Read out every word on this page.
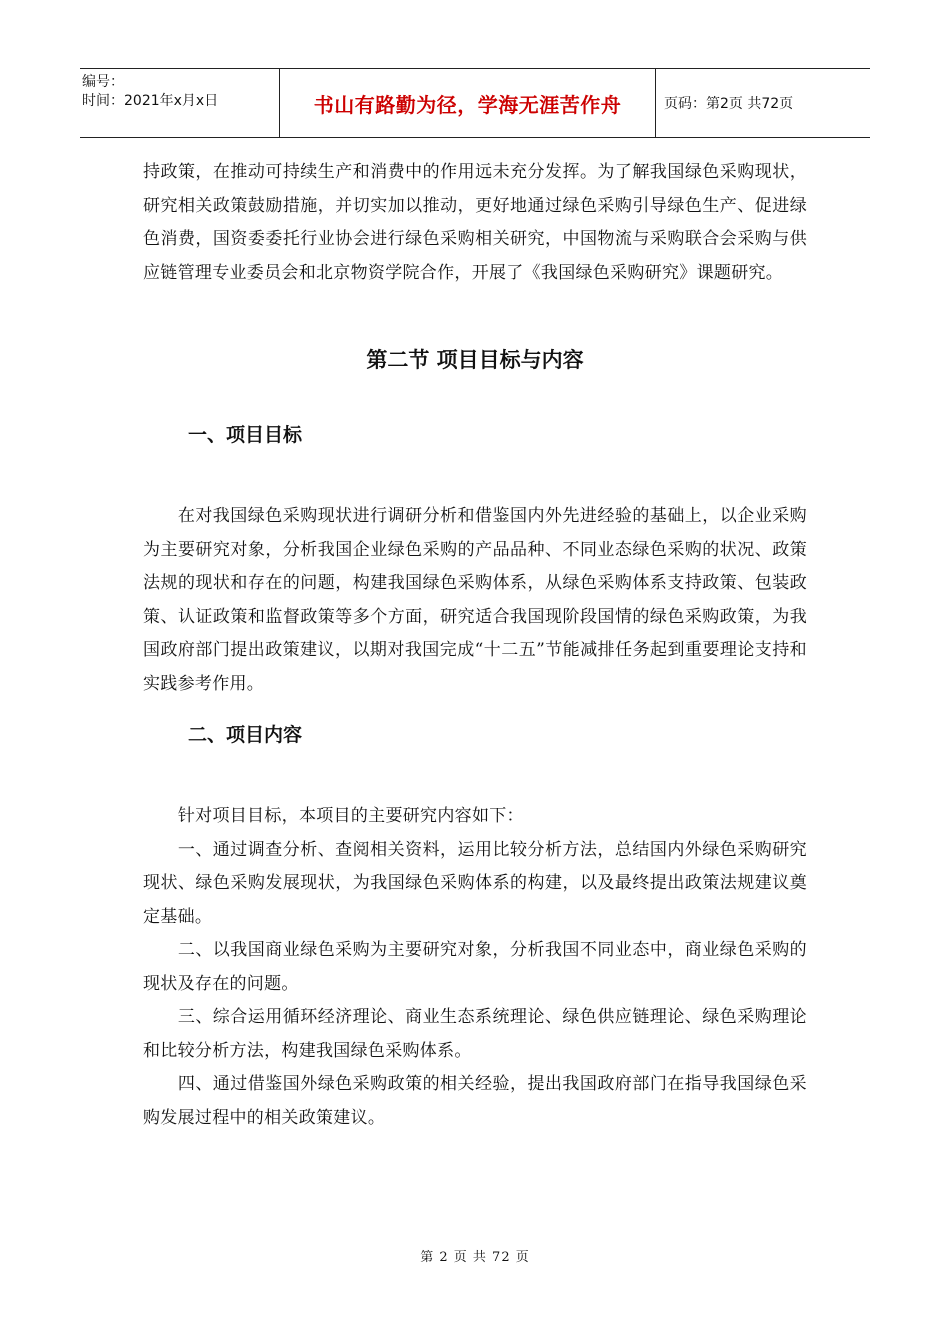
编号：
时间：2021年x月x日	书山有路勤为径，学海无涯苦作舟	页码：第2页 共72页

持政策，在推动可持续生产和消费中的作用远未充分发挥。为了解我国绿色采购现状，研究相关政策鼓励措施，并切实加以推动，更好地通过绿色采购引导绿色生产、促进绿色消费，国资委委托行业协会进行绿色采购相关研究，中国物流与采购联合会采购与供应链管理专业委员会和北京物资学院合作，开展了《我国绿色采购研究》课题研究。

第二节 项目目标与内容
一、项目目标

在对我国绿色采购现状进行调研分析和借鉴国内外先进经验的基础上，以企业采购为主要研究对象，分析我国企业绿色采购的产品品种、不同业态绿色采购的状况、政策法规的现状和存在的问题，构建我国绿色采购体系，从绿色采购体系支持政策、包装政策、认证政策和监督政策等多个方面，研究适合我国现阶段国情的绿色采购政策，为我国政府部门提出政策建议，以期对我国完成“十二五”节能减排任务起到重要理论支持和实践参考作用。

二、项目内容

针对项目目标，本项目的主要研究内容如下：

一、通过调查分析、查阅相关资料，运用比较分析方法，总结国内外绿色采购研究现状、绿色采购发展现状，为我国绿色采购体系的构建，以及最终提出政策法规建议奠定基础。

二、以我国商业绿色采购为主要研究对象，分析我国不同业态中，商业绿色采购的现状及存在的问题。

三、综合运用循环经济理论、商业生态系统理论、绿色供应链理论、绿色采购理论和比较分析方法，构建我国绿色采购体系。

四、通过借鉴国外绿色采购政策的相关经验，提出我国政府部门在指导我国绿色采购发展过程中的相关政策建议。

第 2 页 共 72 页
